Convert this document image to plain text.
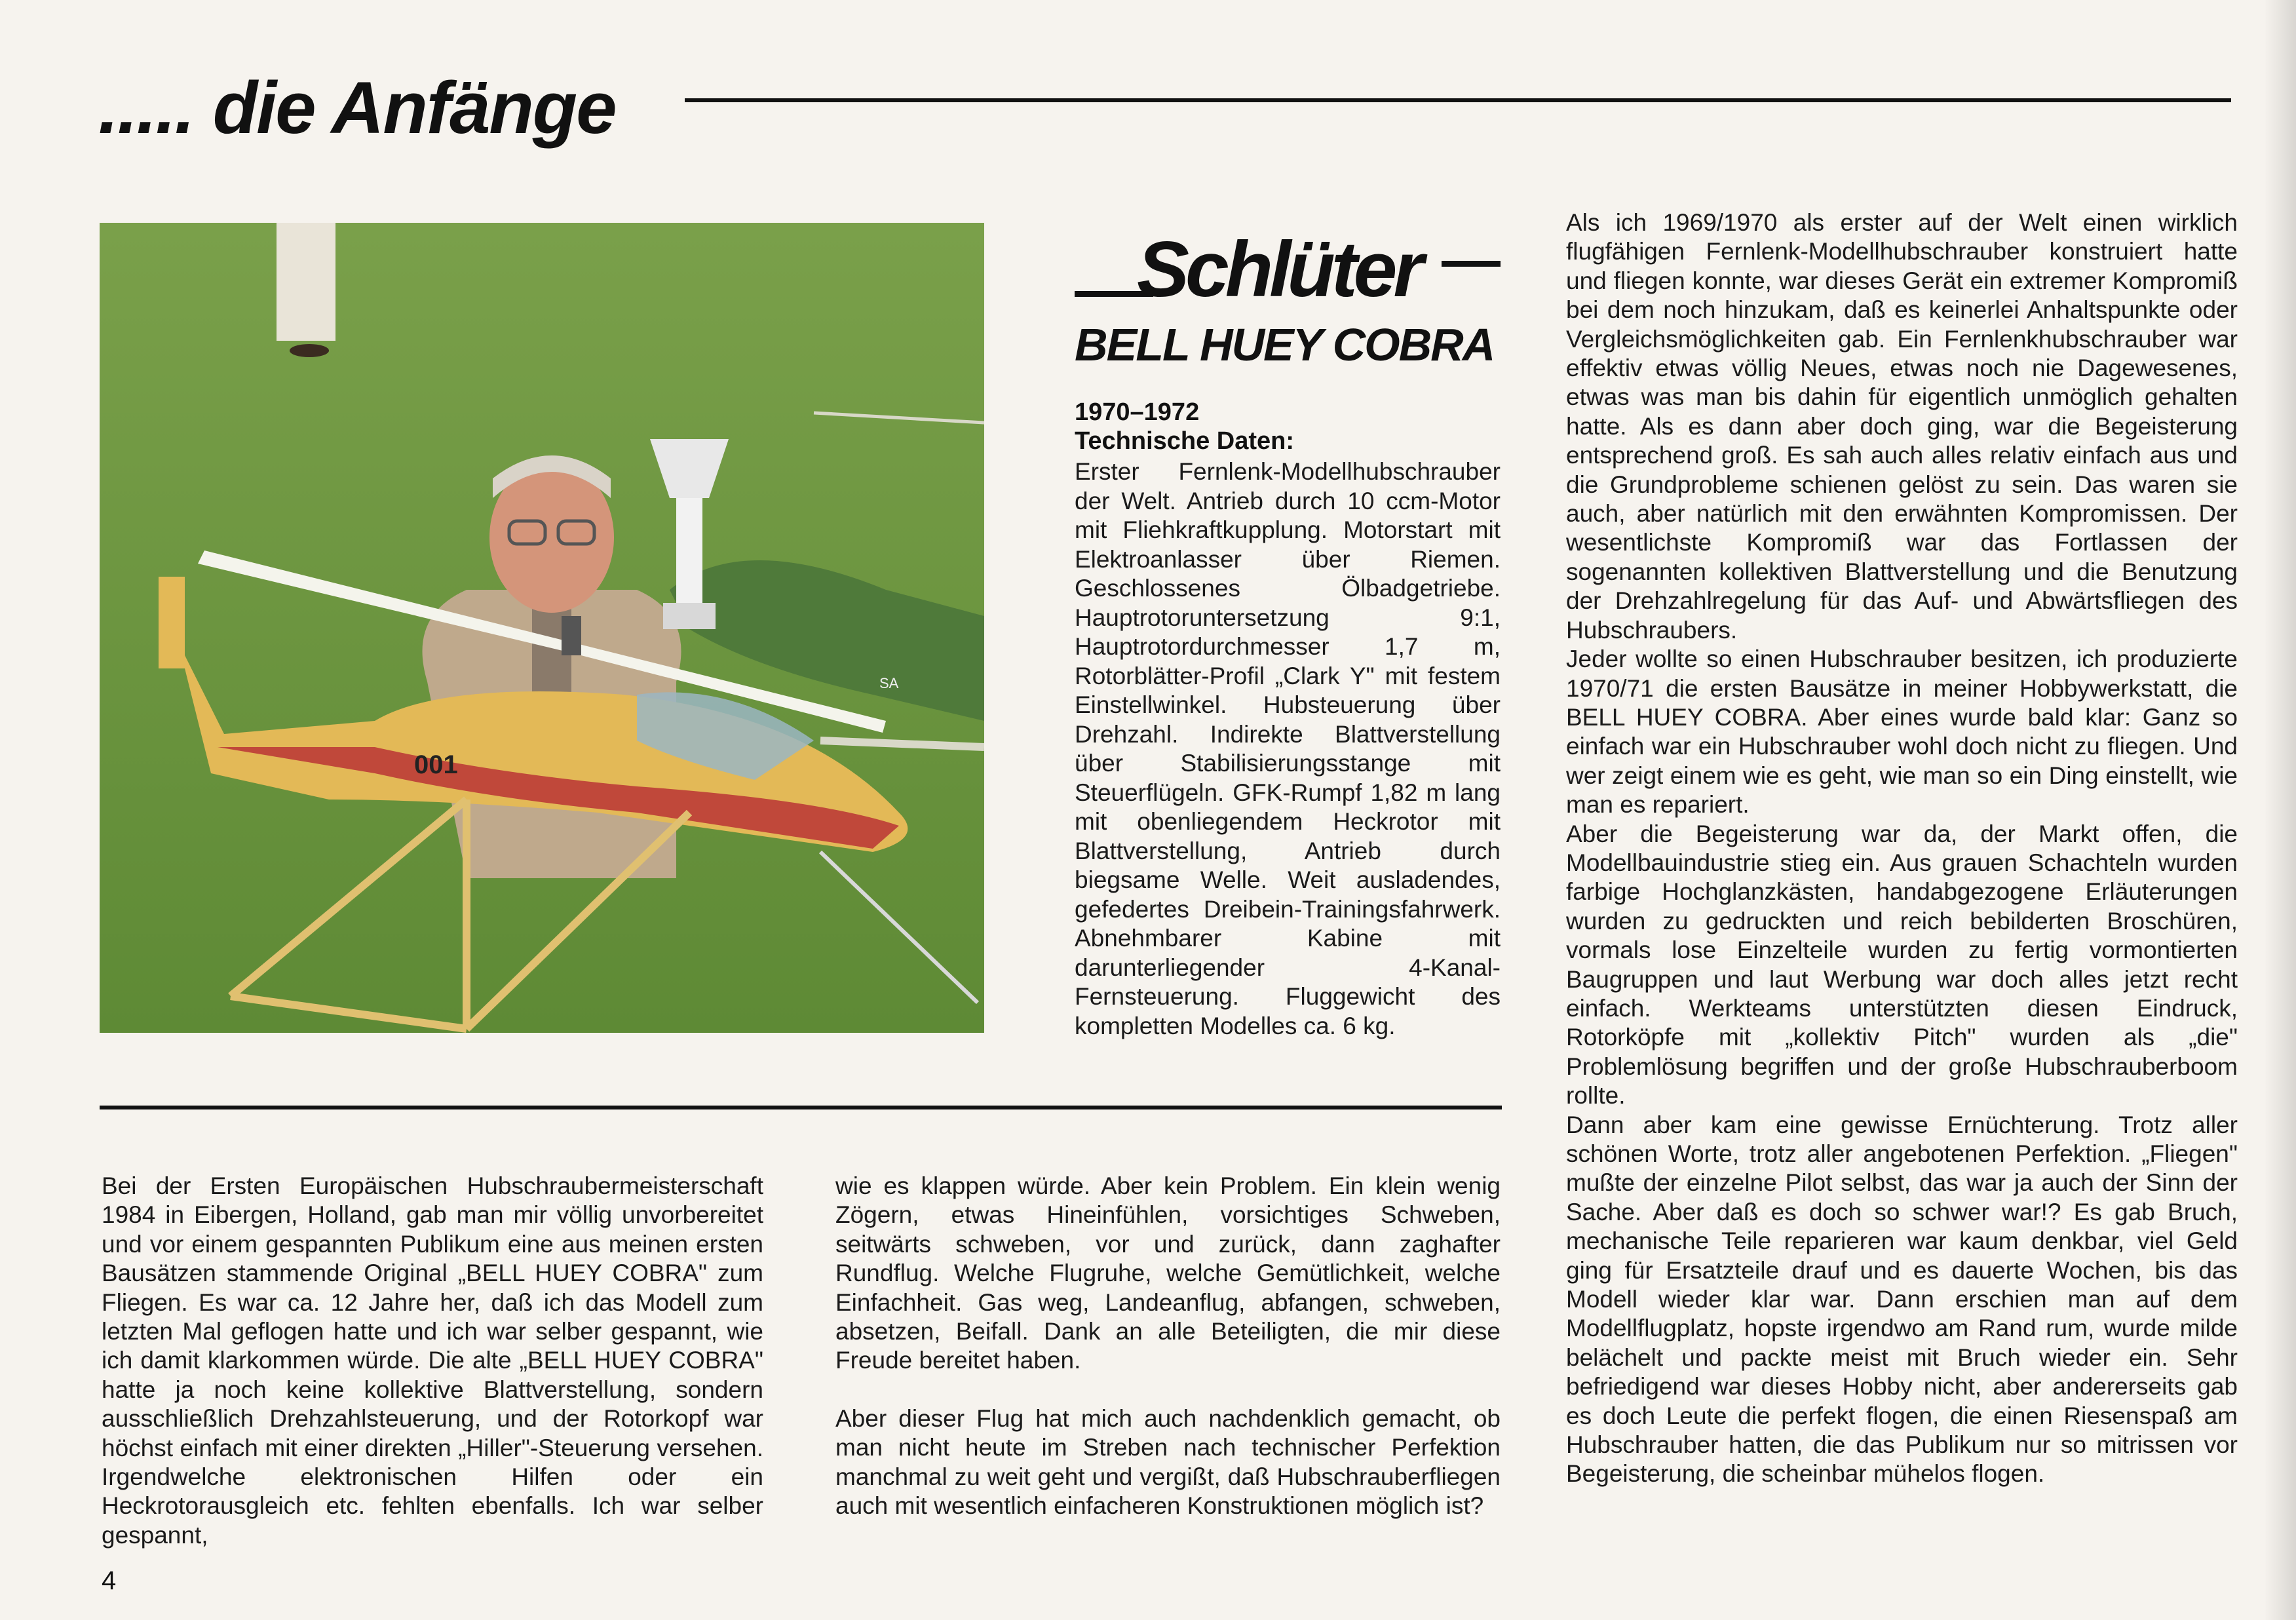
..... die Anfänge
SA
001
Schlüter
BELL HUEY COBRA
1970–1972
Technische Daten:
Erster Fernlenk-Modellhubschrauber der Welt. Antrieb durch 10 ccm-Motor mit Fliehkraftkupplung. Motorstart mit Elektroanlasser über Riemen. Geschlossenes Ölbadgetriebe. Hauptrotoruntersetzung 9:1, Hauptrotordurchmesser 1,7 m, Rotorblätter-Profil „Clark Y" mit festem Einstellwinkel. Hubsteuerung über Drehzahl. Indirekte Blattverstellung über Stabilisierungsstange mit Steuerflügeln. GFK-Rumpf 1,82 m lang mit obenliegendem Heckrotor mit Blattverstellung, Antrieb durch biegsame Welle. Weit ausladendes, gefedertes Dreibein-Trainingsfahrwerk. Abnehmbarer Kabine mit darunterliegender 4-Kanal-Fernsteuerung. Fluggewicht des kompletten Modelles ca. 6 kg.

Bei der Ersten Europäischen Hubschraubermeisterschaft 1984 in Eibergen, Holland, gab man mir völlig unvorbereitet und vor einem gespannten Publikum eine aus meinen ersten Bausätzen stammende Original „BELL HUEY COBRA" zum Fliegen. Es war ca. 12 Jahre her, daß ich das Modell zum letzten Mal geflogen hatte und ich war selber gespannt, wie ich damit klarkommen würde. Die alte „BELL HUEY COBRA" hatte ja noch keine kollektive Blattverstellung, sondern ausschließlich Drehzahlsteuerung, und der Rotorkopf war höchst einfach mit einer direkten „Hiller"-Steuerung versehen. Irgendwelche elektronischen Hilfen oder ein Heckrotorausgleich etc. fehlten ebenfalls. Ich war selber gespannt,

wie es klappen würde. Aber kein Problem. Ein klein wenig Zögern, etwas Hineinfühlen, vorsichtiges Schweben, seitwärts schweben, vor und zurück, dann zaghafter Rundflug. Welche Flugruhe, welche Gemütlichkeit, welche Einfachheit. Gas weg, Landeanflug, abfangen, schweben, absetzen, Beifall. Dank an alle Beteiligten, die mir diese Freude bereitet haben.

Aber dieser Flug hat mich auch nachdenklich gemacht, ob man nicht heute im Streben nach technischer Perfektion manchmal zu weit geht und vergißt, daß Hubschrauberfliegen auch mit wesentlich einfacheren Konstruktionen möglich ist?

Als ich 1969/1970 als erster auf der Welt einen wirklich flugfähigen Fernlenk-Modellhubschrauber konstruiert hatte und fliegen konnte, war dieses Gerät ein extremer Kompromiß bei dem noch hinzukam, daß es keinerlei Anhaltspunkte oder Vergleichsmöglichkeiten gab. Ein Fernlenkhubschrauber war effektiv etwas völlig Neues, etwas noch nie Dagewesenes, etwas was man bis dahin für eigentlich unmöglich gehalten hatte. Als es dann aber doch ging, war die Begeisterung entsprechend groß. Es sah auch alles relativ einfach aus und die Grundprobleme schienen gelöst zu sein. Das waren sie auch, aber natürlich mit den erwähnten Kompromissen. Der wesentlichste Kompromiß war das Fortlassen der sogenannten kollektiven Blattverstellung und die Benutzung der Drehzahlregelung für das Auf- und Abwärtsfliegen des Hubschraubers.

Jeder wollte so einen Hubschrauber besitzen, ich produzierte 1970/71 die ersten Bausätze in meiner Hobbywerkstatt, die BELL HUEY COBRA. Aber eines wurde bald klar: Ganz so einfach war ein Hubschrauber wohl doch nicht zu fliegen. Und wer zeigt einem wie es geht, wie man so ein Ding einstellt, wie man es repariert.

Aber die Begeisterung war da, der Markt offen, die Modellbauindustrie stieg ein. Aus grauen Schachteln wurden farbige Hochglanzkästen, handabgezogene Erläuterungen wurden zu gedruckten und reich bebilderten Broschüren, vormals lose Einzelteile wurden zu fertig vormontierten Baugruppen und laut Werbung war doch alles jetzt recht einfach. Werkteams unterstützten diesen Eindruck, Rotorköpfe mit „kollektiv Pitch" wurden als „die" Problemlösung begriffen und der große Hubschrauberboom rollte.

Dann aber kam eine gewisse Ernüchterung. Trotz aller schönen Worte, trotz aller angebotenen Perfektion. „Fliegen" mußte der einzelne Pilot selbst, das war ja auch der Sinn der Sache. Aber daß es doch so schwer war!? Es gab Bruch, mechanische Teile reparieren war kaum denkbar, viel Geld ging für Ersatzteile drauf und es dauerte Wochen, bis das Modell wieder klar war. Dann erschien man auf dem Modellflugplatz, hopste irgendwo am Rand rum, wurde milde belächelt und packte meist mit Bruch wieder ein. Sehr befriedigend war dieses Hobby nicht, aber andererseits gab es doch Leute die perfekt flogen, die einen Riesenspaß am Hubschrauber hatten, die das Publikum nur so mitrissen vor Begeisterung, die scheinbar mühelos flogen.

4
